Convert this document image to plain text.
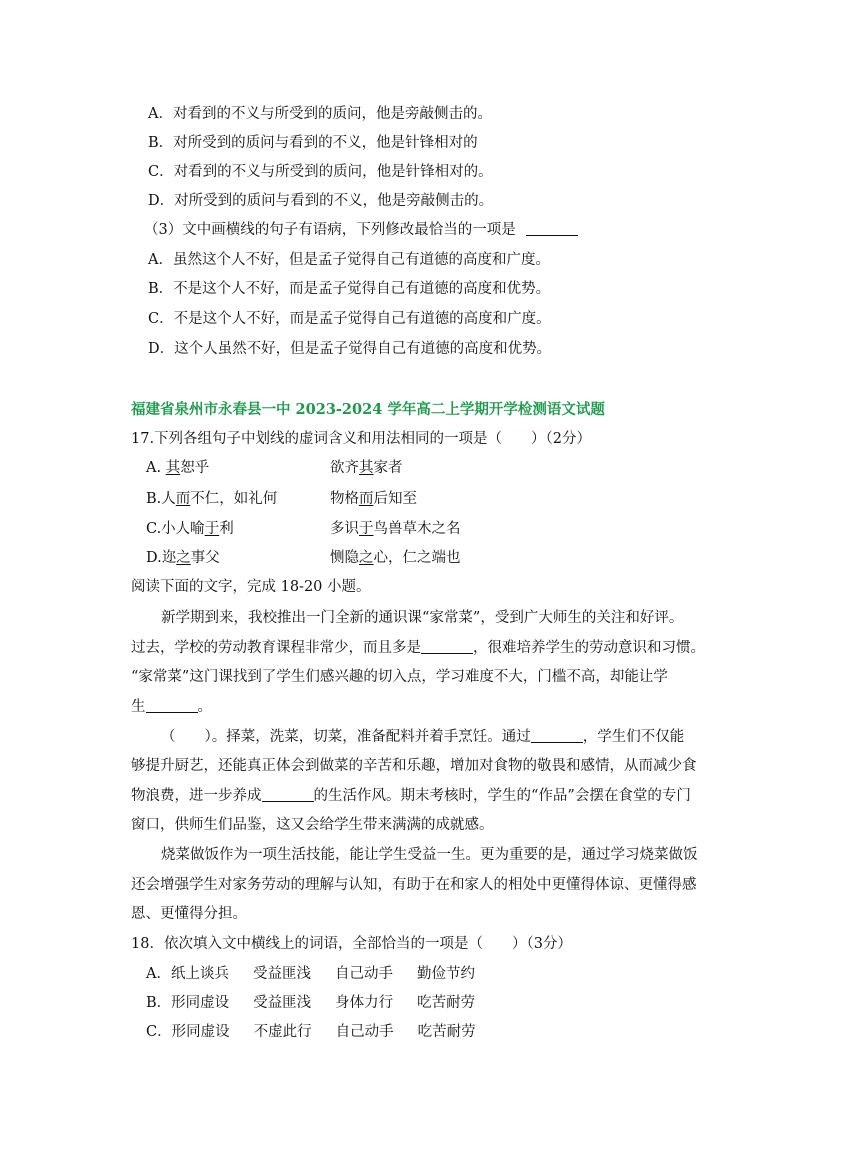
A．对看到的不义与所受到的质问，他是旁敲侧击的。
B．对所受到的质问与看到的不义，他是针锋相对的
C．对看到的不义与所受到的质问，他是针锋相对的。
D．对所受到的质问与看到的不义，他是旁敲侧击的。
（3）文中画横线的句子有语病，下列修改最恰当的一项是
A．虽然这个人不好，但是孟子觉得自己有道德的高度和广度。
B．不是这个人不好，而是孟子觉得自己有道德的高度和优势。
C．不是这个人不好，而是孟子觉得自己有道德的高度和广度。
D．这个人虽然不好，但是孟子觉得自己有道德的高度和优势。
福建省泉州市永春县一中 2023-2024 学年高二上学期开学检测语文试题
17.下列各组句子中划线的虚词含义和用法相同的一项是（　　）（2分）
A. 其恕乎	欲齐其家者
B.人而不仁，如礼何	物格而后知至
C.小人喻于利	多识于鸟兽草木之名
D.迩之事父	恻隐之心，仁之端也
阅读下面的文字，完成 18-20 小题。
新学期到来，我校推出一门全新的通识课“家常菜”，受到广大师生的关注和好评。
过去，学校的劳动教育课程非常少，而且多是	，很难培养学生的劳动意识和习惯。
“家常菜”这门课找到了学生们感兴趣的切入点，学习难度不大，门槛不高，却能让学
生	。
（　　）。择菜，洗菜，切菜，准备配料并着手烹饪。通过	，学生们不仅能
够提升厨艺，还能真正体会到做菜的辛苦和乐趣，增加对食物的敬畏和感情，从而减少食
物浪费，进一步养成	的生活作风。期末考核时，学生的“作品”会摆在食堂的专门
窗口，供师生们品鉴，这又会给学生带来满满的成就感。
烧菜做饭作为一项生活技能，能让学生受益一生。更为重要的是，通过学习烧菜做饭
还会增强学生对家务劳动的理解与认知，有助于在和家人的相处中更懂得体谅、更懂得感
恩、更懂得分担。
18．依次填入文中横线上的词语，全部恰当的一项是（　　）（3分）
A．纸上谈兵 受益匪浅 自己动手 勤俭节约
B．形同虚设 受益匪浅 身体力行 吃苦耐劳
C．形同虚设 不虚此行 自己动手 吃苦耐劳
